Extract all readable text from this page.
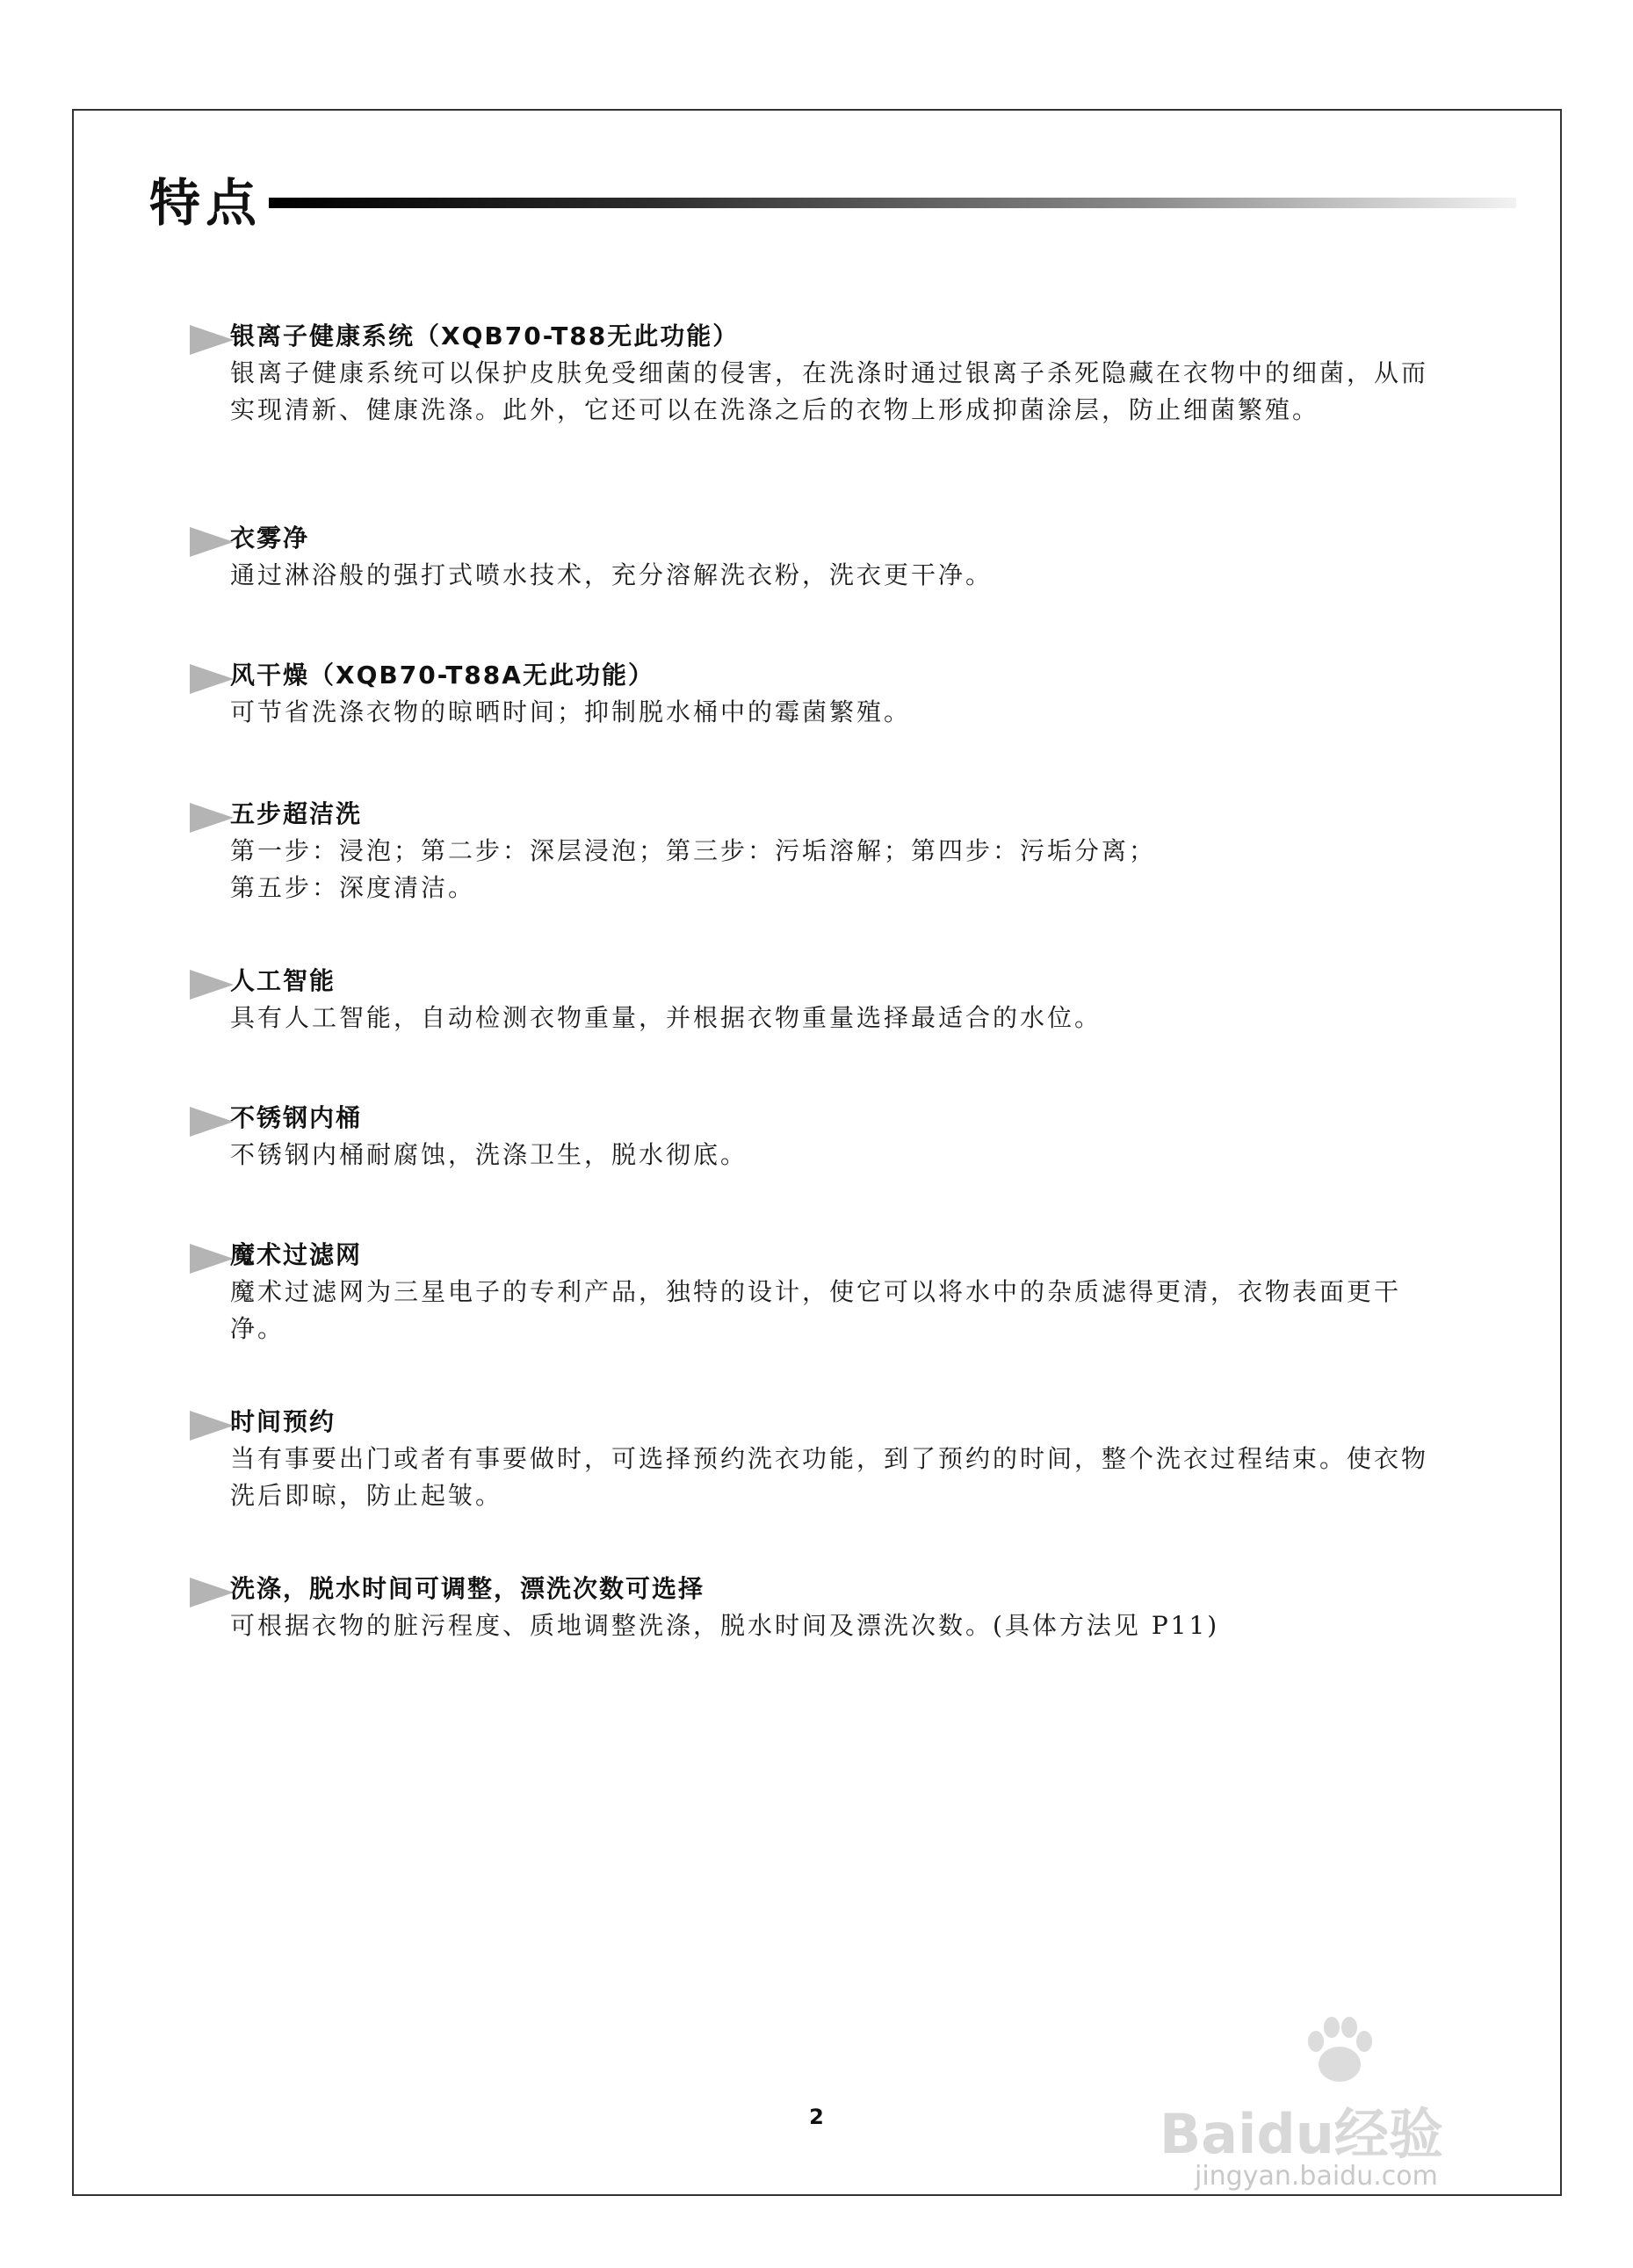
特点
银离子健康系统（XQB70-T88无此功能）
银离子健康系统可以保护皮肤免受细菌的侵害，在洗涤时通过银离子杀死隐藏在衣物中的细菌，从而实现清新、健康洗涤。此外，它还可以在洗涤之后的衣物上形成抑菌涂层，防止细菌繁殖。
衣雾净
通过淋浴般的强打式喷水技术，充分溶解洗衣粉，洗衣更干净。
风干燥（XQB70-T88A无此功能）
可节省洗涤衣物的晾晒时间；抑制脱水桶中的霉菌繁殖。
五步超洁洗
第一步：浸泡；第二步：深层浸泡；第三步：污垢溶解；第四步：污垢分离；
第五步：深度清洁。
人工智能
具有人工智能，自动检测衣物重量，并根据衣物重量选择最适合的水位。
不锈钢内桶
不锈钢内桶耐腐蚀，洗涤卫生，脱水彻底。
魔术过滤网
魔术过滤网为三星电子的专利产品，独特的设计，使它可以将水中的杂质滤得更清，衣物表面更干净。
时间预约
当有事要出门或者有事要做时，可选择预约洗衣功能，到了预约的时间，整个洗衣过程结束。使衣物洗后即晾，防止起皱。
洗涤，脱水时间可调整，漂洗次数可选择
可根据衣物的脏污程度、质地调整洗涤，脱水时间及漂洗次数。(具体方法见 P11)
2	Baidu经验
jingyan.baidu.com
